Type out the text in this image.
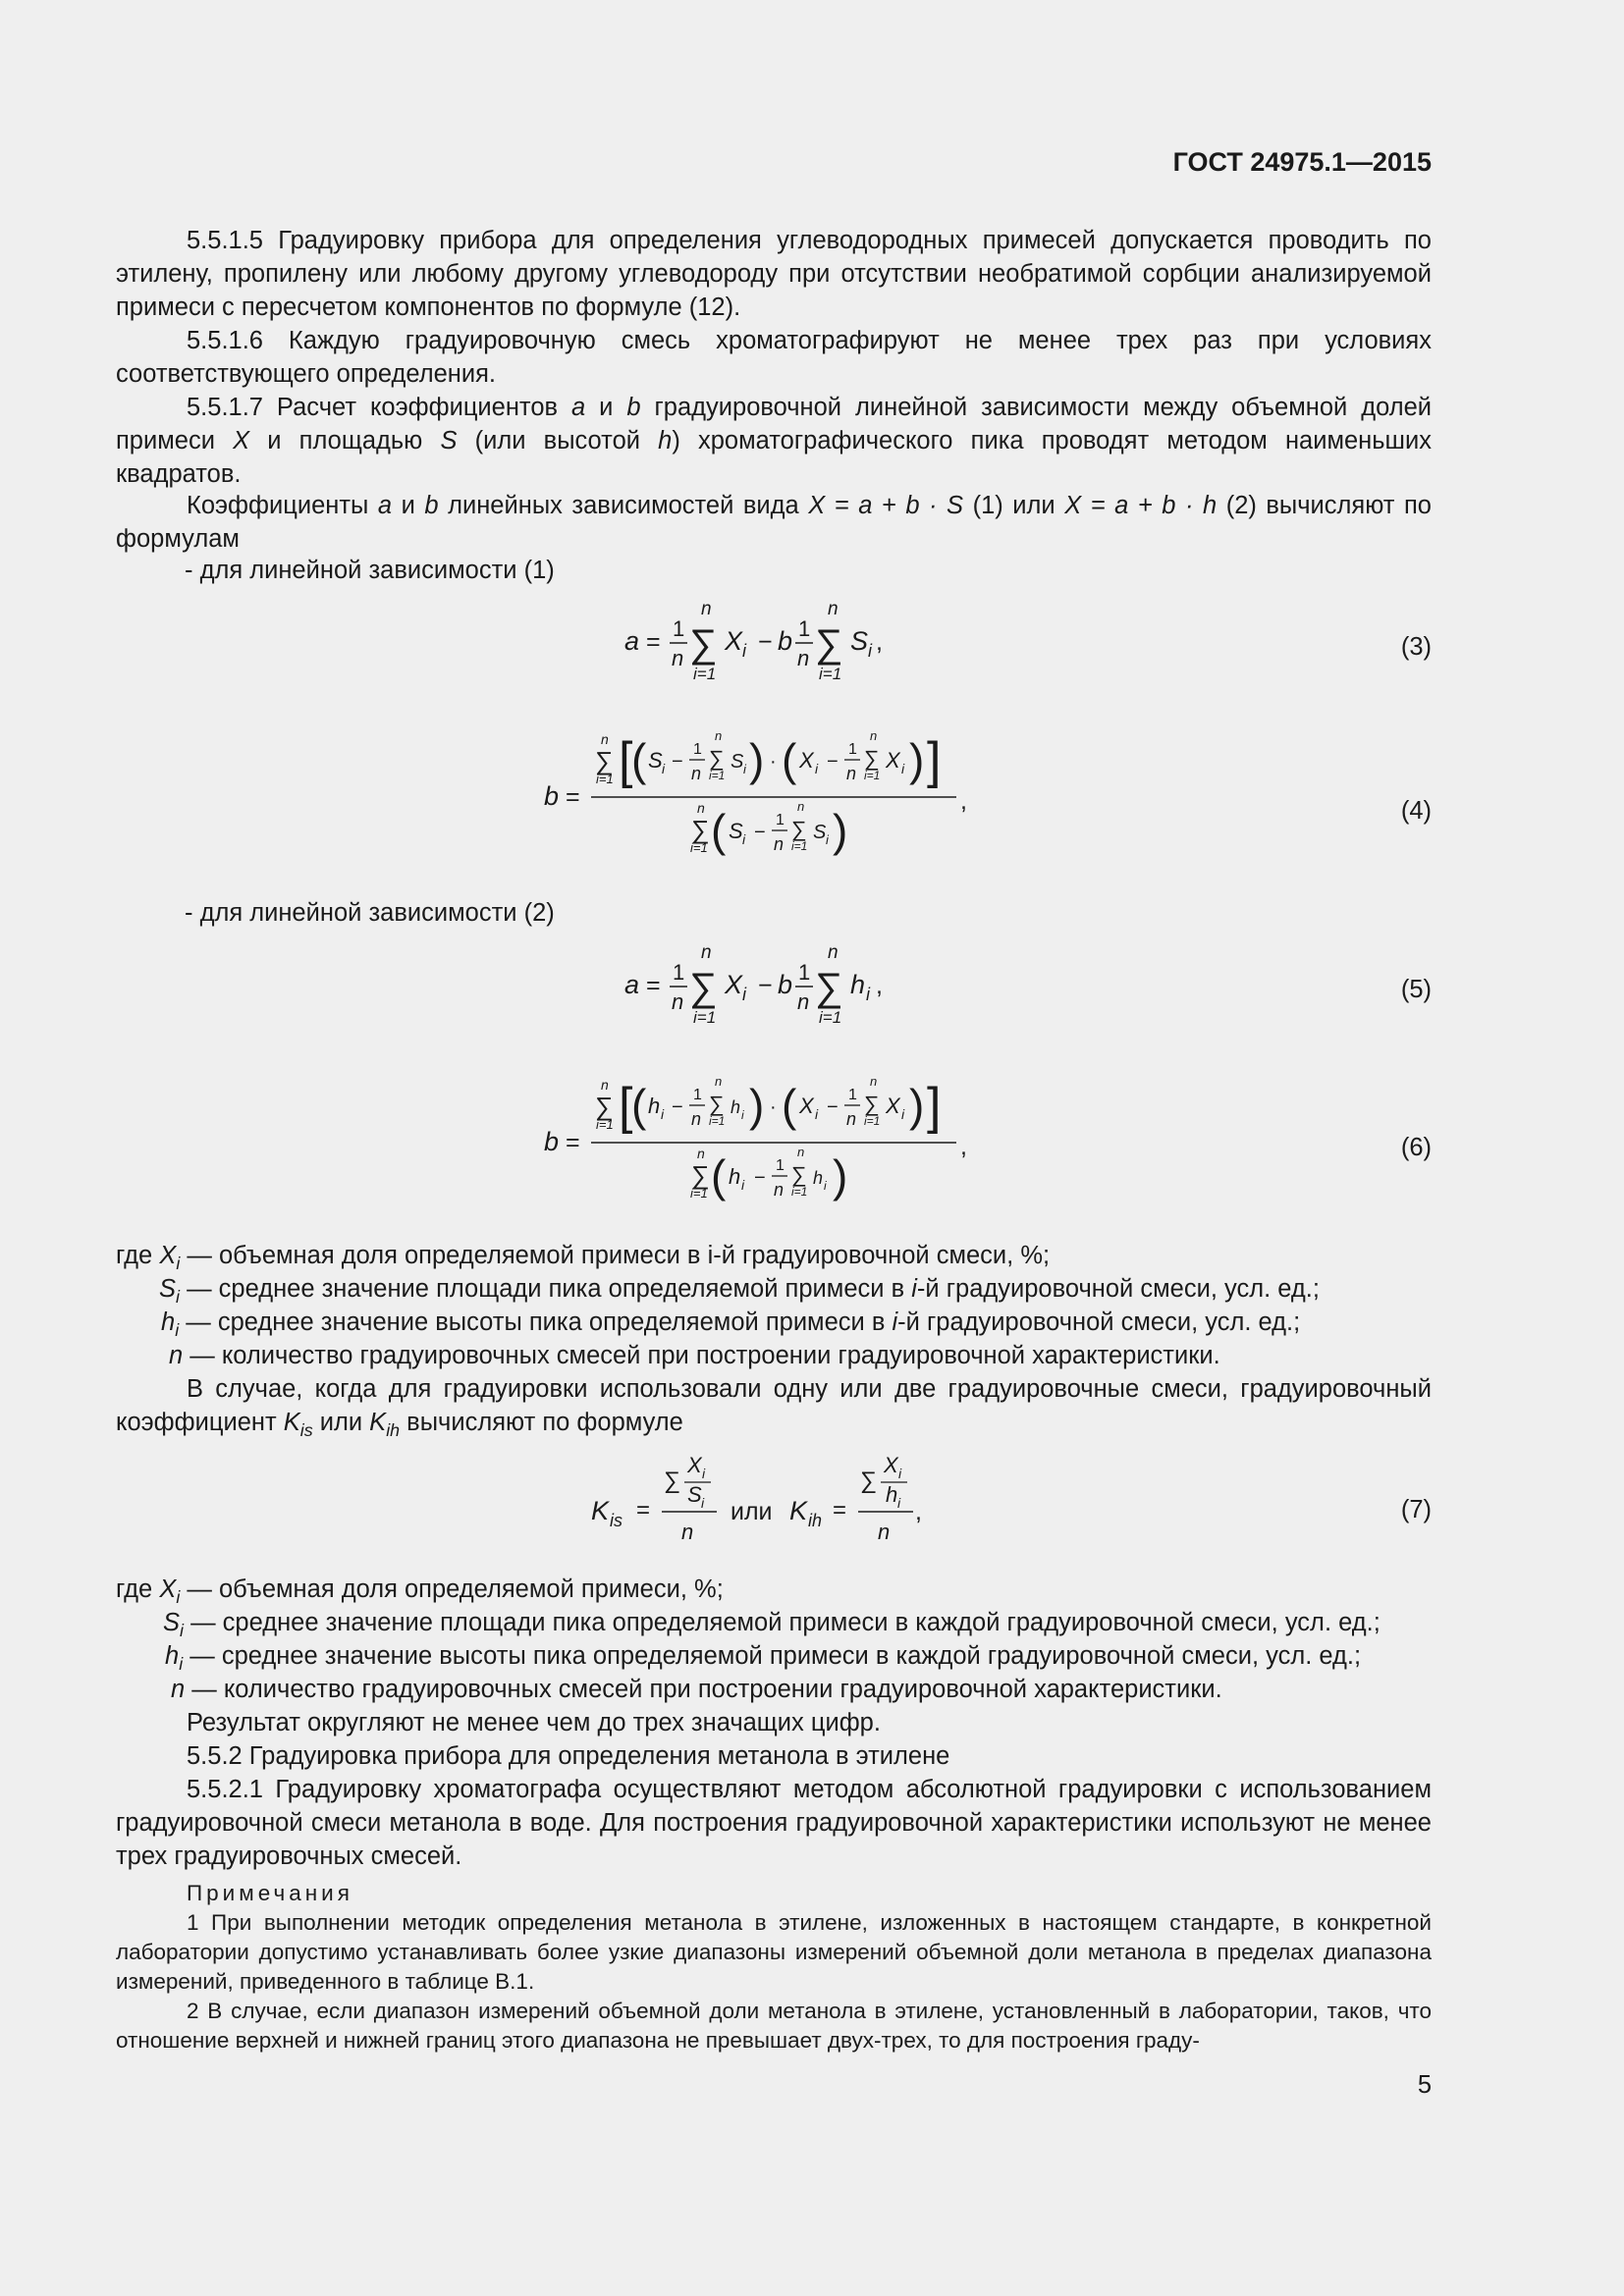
ГОСТ 24975.1—2015
5.5.1.5 Градуировку прибора для определения углеводородных примесей допускается проводить по этилену, пропилену или любому другому углеводороду при отсутствии необратимой сорбции анализируемой примеси с пересчетом компонентов по формуле (12).
5.5.1.6 Каждую градуировочную смесь хроматографируют не менее трех раз при условиях соответствующего определения.
5.5.1.7 Расчет коэффициентов a и b градуировочной линейной зависимости между объемной долей примеси X и площадью S (или высотой h) хроматографического пика проводят методом наименьших квадратов.
Коэффициенты a и b линейных зависимостей вида X = a + b · S (1) или X = a + b · h (2) вычисляют по формулам
- для линейной зависимости (1)
a = 1
n
n
∑
i=1
X i − b 1
n
n
∑
i=1
S i ,	(3)
b =
n
∑
i=1 [
( S i −
1
n
n
∑
i=1
S i ) · ( X i −
1
n
n
∑
i=1
X i ) ]
,
n
∑
i=1 ( S i −
1
n
n
∑
i=1
S i )	(4)
- для линейной зависимости (2)
a = 1
n
n
∑
i=1
X i − b 1
n
n
∑
i=1
h i ,	(5)
b =
n
∑
i=1 [
( h i −
1
n
n
∑
i=1
h i ) · ( X i −
1
n
n
∑
i=1
X i ) ]
,
n
∑
i=1 ( h i −
1
n
n
∑
i=1
h i )
(6)
где $X_i$ — объемная доля определяемой примеси в i-й градуировочной смеси, %;
$S_i$ — среднее значение площади пика определяемой примеси в i-й градуировочной смеси, усл. ед.;
$h_i$ — среднее значение высоты пика определяемой примеси в i-й градуировочной смеси, усл. ед.;
n — количество градуировочных смесей при построении градуировочной характеристики.
В случае, когда для градуировки использовали одну или две градуировочные смеси, градуировочный коэффициент $K_{is}$ или $K_{ih}$ вычисляют по формуле
K is =
∑
X i
S i
n
или K ih =
∑
X i
h i
n
,	(7)
где $X_i$ — объемная доля определяемой примеси, %;
$S_i$ — среднее значение площади пика определяемой примеси в каждой градуировочной смеси, усл. ед.;
$h_i$ — среднее значение высоты пика определяемой примеси в каждой градуировочной смеси, усл. ед.;
n — количество градуировочных смесей при построении градуировочной характеристики.
Результат округляют не менее чем до трех значащих цифр.
5.5.2 Градуировка прибора для определения метанола в этилене
5.5.2.1 Градуировку хроматографа осуществляют методом абсолютной градуировки с использованием градуировочной смеси метанола в воде. Для построения градуировочной характеристики используют не менее трех градуировочных смесей.
Примечания
1 При выполнении методик определения метанола в этилене, изложенных в настоящем стандарте, в конкретной лаборатории допустимо устанавливать более узкие диапазоны измерений объемной доли метанола в пределах диапазона измерений, приведенного в таблице В.1.
2 В случае, если диапазон измерений объемной доли метанола в этилене, установленный в лаборатории, таков, что отношение верхней и нижней границ этого диапазона не превышает двух-трех, то для построения граду-
5
